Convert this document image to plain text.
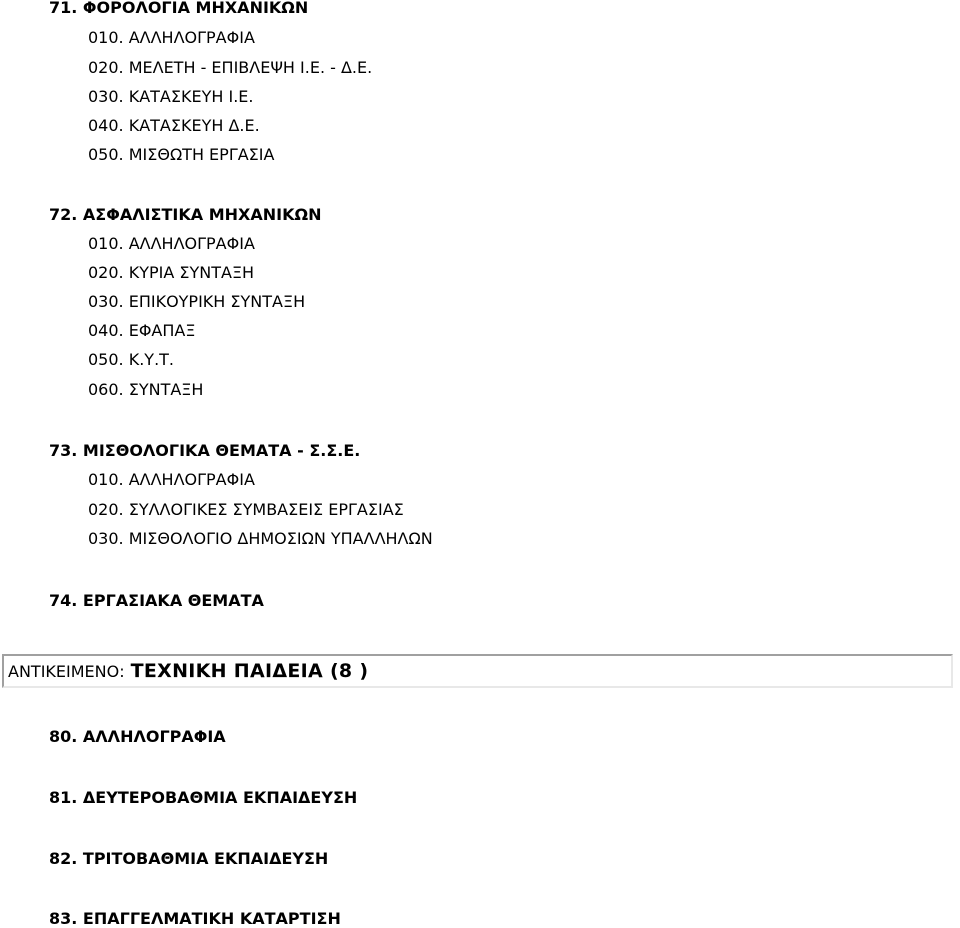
71. ΦΟΡΟΛΟΓΙΑ ΜΗΧΑΝΙΚΩΝ
010. ΑΛΛΗΛΟΓΡΑΦΙΑ
020. ΜΕΛΕΤΗ - ΕΠΙΒΛΕΨΗ Ι.Ε. - Δ.Ε.
030. ΚΑΤΑΣΚΕΥΗ Ι.Ε.
040. ΚΑΤΑΣΚΕΥΗ Δ.Ε.
050. ΜΙΣΘΩΤΗ ΕΡΓΑΣΙΑ
72. ΑΣΦΑΛΙΣΤΙΚΑ ΜΗΧΑΝΙΚΩΝ
010. ΑΛΛΗΛΟΓΡΑΦΙΑ
020. ΚΥΡΙΑ ΣΥΝΤΑΞΗ
030. ΕΠΙΚΟΥΡΙΚΗ ΣΥΝΤΑΞΗ
040. ΕΦΑΠΑΞ
050. Κ.Υ.Τ.
060. ΣΥΝΤΑΞΗ
73. ΜΙΣΘΟΛΟΓΙΚΑ ΘΕΜΑΤΑ - Σ.Σ.Ε.
010. ΑΛΛΗΛΟΓΡΑΦΙΑ
020. ΣΥΛΛΟΓΙΚΕΣ ΣΥΜΒΑΣΕΙΣ ΕΡΓΑΣΙΑΣ
030. ΜΙΣΘΟΛΟΓΙΟ ΔΗΜΟΣΙΩΝ ΥΠΑΛΛΗΛΩΝ
74. ΕΡΓΑΣΙΑΚΑ ΘΕΜΑΤΑ
ΑΝΤΙΚΕΙΜΕΝΟ: ΤΕΧΝΙΚΗ ΠΑΙΔΕΙΑ (8 )
80. ΑΛΛΗΛΟΓΡΑΦΙΑ
81. ΔΕΥΤΕΡΟΒΑΘΜΙΑ ΕΚΠΑΙΔΕΥΣΗ
82. ΤΡΙΤΟΒΑΘΜΙΑ ΕΚΠΑΙΔΕΥΣΗ
83. ΕΠΑΓΓΕΛΜΑΤΙΚΗ ΚΑΤΑΡΤΙΣΗ
